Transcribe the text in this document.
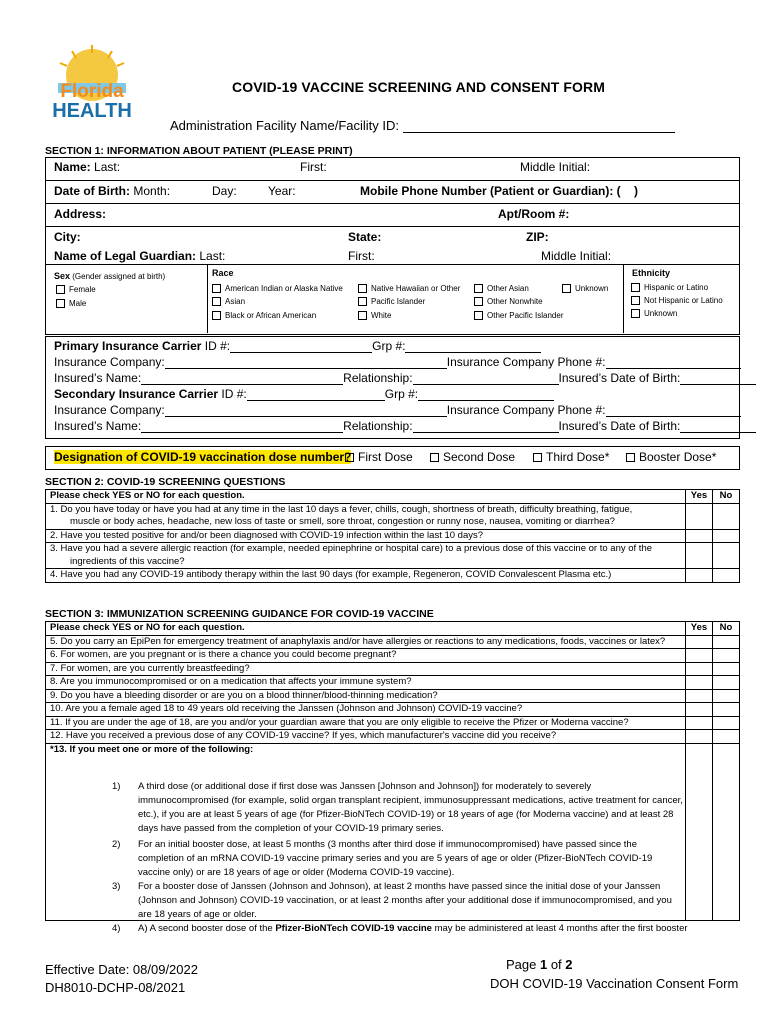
Florida
HEALTH
COVID-19 VACCINE SCREENING AND CONSENT FORM
Administration Facility Name/Facility ID:
SECTION 1: INFORMATION ABOUT PATIENT (PLEASE PRINT)
Name: Last:	First:	Middle Initial:
Date of Birth: Month:	Day:	Year:	Mobile Phone Number (Patient or Guardian): ( )
Address:	Apt/Room #:
City:	State:	ZIP:
Name of Legal Guardian: Last:	First:	Middle Initial:
Sex (Gender assigned at birth)
Female
Male
Race
American Indian or Alaska Native
Asian
Black or African American
Native Hawaiian or Other
Pacific Islander
White
Other Asian
Other Nonwhite
Other Pacific Islander
Unknown
Ethnicity
Hispanic or Latino
Not Hispanic or Latino
Unknown
Primary Insurance Carrier ID #:	Grp #:
Insurance Company:	Insurance Company Phone #:
Insured’s Name:	Relationship:	Insured’s Date of Birth:
Secondary Insurance Carrier ID #:	Grp #:
Insurance Company:	Insurance Company Phone #:
Insured’s Name:	Relationship:	Insured’s Date of Birth:
Designation of COVID-19 vaccination dose number? First Dose	Second Dose	Third Dose*	Booster Dose*
SECTION 2: COVID-19 SCREENING QUESTIONS
Please check YES or NO for each question.	Yes	No
1. Do you have today or have you had at any time in the last 10 days a fever, chills, cough, shortness of breath, difficulty breathing, fatigue,
muscle or body aches, headache, new loss of taste or smell, sore throat, congestion or runny nose, nausea, vomiting or diarrhea?		
2. Have you tested positive for and/or been diagnosed with COVID-19 infection within the last 10 days?		
3. Have you had a severe allergic reaction (for example, needed epinephrine or hospital care) to a previous dose of this vaccine or to any of the
ingredients of this vaccine?		
4. Have you had any COVID-19 antibody therapy within the last 90 days (for example, Regeneron, COVID Convalescent Plasma etc.)		
SECTION 3: IMMUNIZATION SCREENING GUIDANCE FOR COVID-19 VACCINE
Please check YES or NO for each question.	Yes	No
5. Do you carry an EpiPen for emergency treatment of anaphylaxis and/or have allergies or reactions to any medications, foods, vaccines or latex?		
6. For women, are you pregnant or is there a chance you could become pregnant?		
7. For women, are you currently breastfeeding?		
8. Are you immunocompromised or on a medication that affects your immune system?		
9. Do you have a bleeding disorder or are you on a blood thinner/blood-thinning medication?		
10. Are you a female aged 18 to 49 years old receiving the Janssen (Johnson and Johnson) COVID-19 vaccine?		
11. If you are under the age of 18, are you and/or your guardian aware that you are only eligible to receive the Pfizer or Moderna vaccine?		
12. Have you received a previous dose of any COVID-19 vaccine? If yes, which manufacturer's vaccine did you receive?		

*13. If you meet one or more of the following:		

1) A third dose (or additional dose if first dose was Janssen [Johnson and Johnson]) for moderately to severely
immunocompromised (for example, solid organ transplant recipient, immunosuppressant medications, active treatment for cancer,
etc.), if you are at least 5 years of age (for Pfizer-BioNTech COVID-19) or 18 years of age (for Moderna vaccine) and at least 28
days have passed from the completion of your COVID-19 primary series.
2) For an initial booster dose, at least 5 months (3 months after third dose if immunocompromised) have passed since the
completion of an mRNA COVID-19 vaccine primary series and you are 5 years of age or older (Pfizer-BioNTech COVID-19
vaccine only) or are 18 years of age or older (Moderna COVID-19 vaccine).
3) For a booster dose of Janssen (Johnson and Johnson), at least 2 months have passed since the initial dose of your Janssen
(Johnson and Johnson) COVID-19 vaccination, or at least 2 months after your additional dose if immunocompromised, and you
are 18 years of age or older.
4) A) A second booster dose of the Pfizer-BioNTech COVID-19 vaccine may be administered at least 4 months after the first booster
Effective Date: 08/09/2022
DH8010-DCHP-08/2021
Page 1 of 2
DOH COVID-19 Vaccination Consent Form
